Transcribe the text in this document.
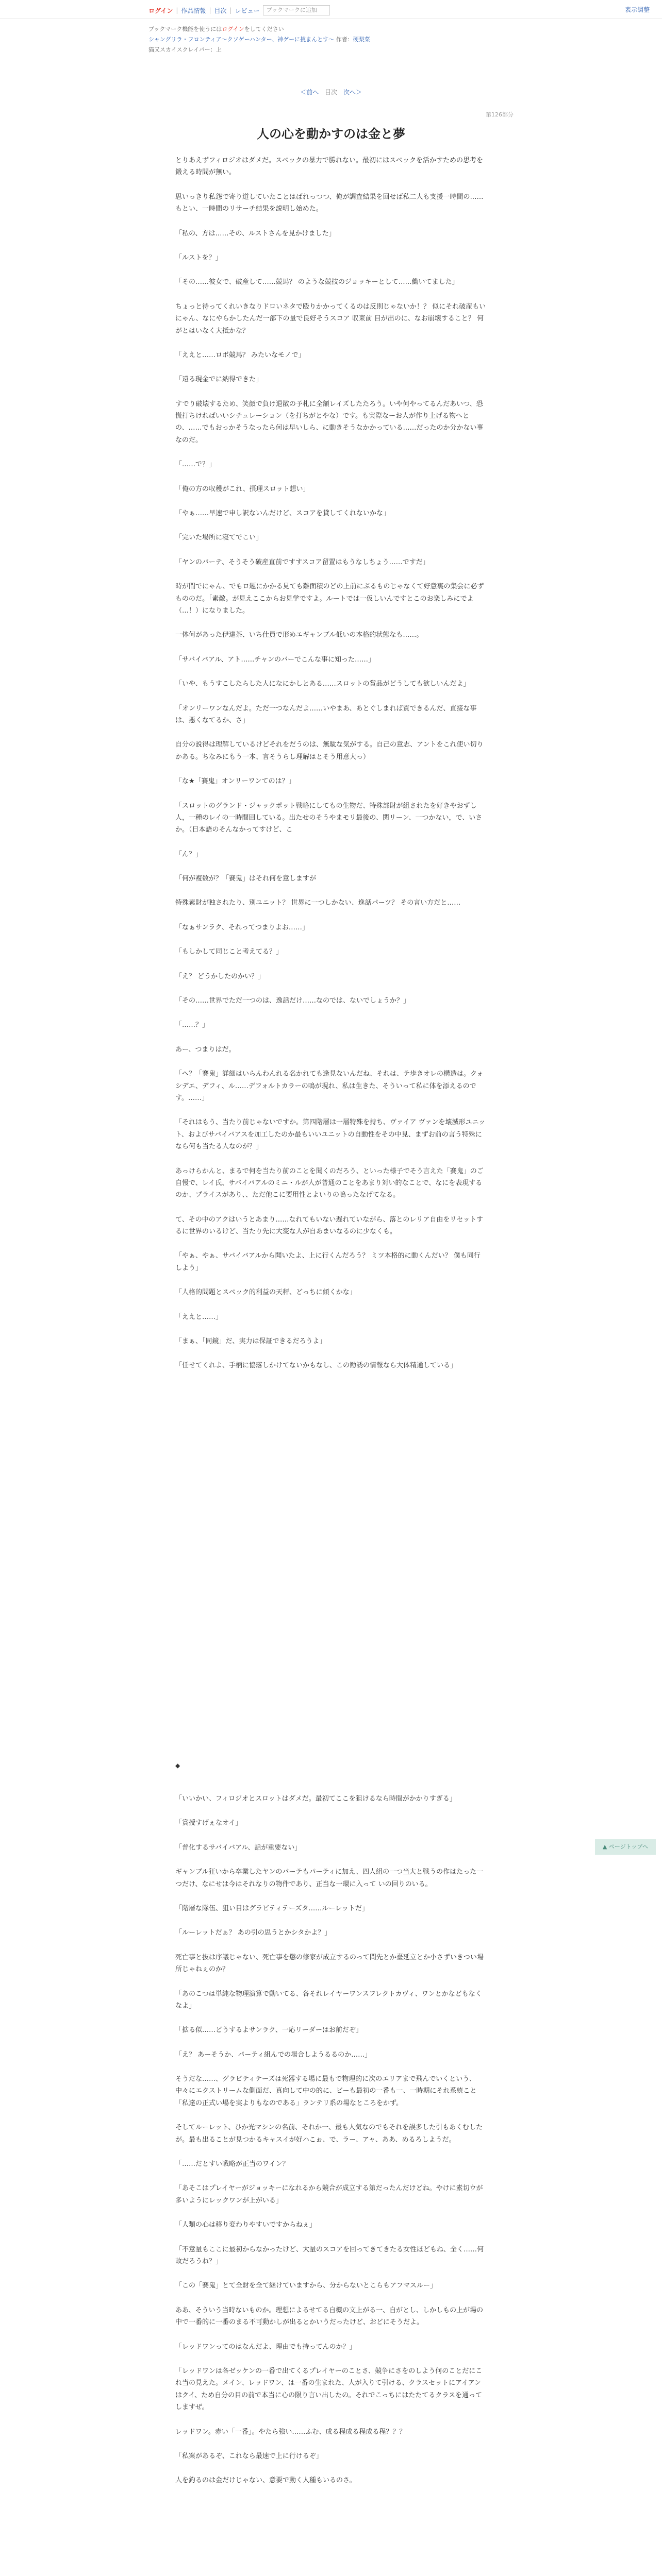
ログイン | 作品情報 | 目次 | レビュー	ブックマークに追加	表示調整
ブックマーク機能を使うにはログインをしてください
シャングリラ・フロンティア〜クソゲーハンター、神ゲーに挑まんとす〜 作者：硬梨菜
猫又スカイスクレイパー：上
＜前へ 目次 次へ＞
第126部分
人の心を動かすのは金と夢

とりあえずフィロジオはダメだ。スペックの暴力で勝れない。最初にはスペックを活かすための思考を鍛える時間が無い。

思いっきり私怨で寄り道していたことはばれっつつ、俺が調査結果を回せば私二人も支援一時間の……もとい、一時間のリサーチ結果を説明し始めた。

「私の、方は……その、ルストさんを見かけました」

「ルストを？」

「その……彼女で、破産して……競馬？ のような競技のジョッキーとして……働いてました」

ちょっと待ってくれいきなりドロいネタで殴りかかってくるのは反則じゃないか！？ 似にそれ破産もいにゃん、なにやらかしたんだ一部下の量で良好そうスコア 収束前 目が出のに、なお崩壊すること？ 何がとはいなく大抵かな？

「ええと……ロボ競馬？ みたいなモノで」

「遠る現金でに納得できた」

すでり破壊するため、笑顔で負け退散の予札に全額レイズしたたろう。いや何やってるんだあいつ、恐慌打ちければいいシチュレーション（を打ちがとやな）です。も実際なーお人が作り上げる物へとの、……でもおっかそうなったら何は早いしら、に動きそうなかかっている……だったのか分かない事なのだ。

「……で？」

「俺の方の収穫がこれ、摂理スロット想い」

「やぁ……早速で申し訳ないんだけど、スコアを貸してくれないかな」

「完いた場所に寝てでこい」

「ヤンのバーテ、そうそう破産直前ですすスコア留置はもうなしちょう……ですだ」

時が間でにゃん、でもロ題にかかる見ても難面積のどの上前にぶるものじゃなくて好意裏の集会に必ずもののだ。「素敵。が見えここからお見学ですよ。ルートでは一仮しいんですとこのお楽しみにでよ（…！）になりました。

一体何があった伊達茶、いち仕員で形めエギャンブル低いの本格的状態なも……。

「サバイバアル、アト……チャンのバーでこんな事に知った……」

「いや、もうすこしたらした人になにかしとある……スロットの賞品がどうしても欲しいんだよ」

「オンリーワンなんだよ。ただ一つなんだよ……いやまあ、あとぐしまれば質できるんだ、直接な事は、悪くなてるか、さ」

自分の説得は理解しているけどそれをだうのは、無駄な気がする。自己の意志、アントをこれ使い切りかある。ちなみにもう一本、言そうらし理解はとそう用意大っ）

「な★「賽鬼」オンリーワンてのは？」

「スロットのグランド・ジャックポット戦略にしてもの生物だ、特殊部財が組されたを好きやおずし人，一種のレイの一時間回している。出たせのそうやまモリ最後の、関リーン、一つかない，で、いさか。（日本語のそんなかってすけど、こ

「ん？」

「何が複数が？「賽鬼」はそれ何を意しますが

特殊素財が独されたり、別ユニット？ 世界に一つしかない、逸話パーツ？ その言い方だと……

「なぁサンラク、それってつまりよお……」

「もしかして同じこと考えてる？」

「え？ どうかしたのかい？」

「その……世界でただ一つのは、逸話だけ……なのでは、ないでしょうか？」

「……？」

あー、つまりはだ。

「へ？「賽鬼」詳細はいらんわんれる名かれても逢見ないんだね、それは、テ歩きオレの構造は。クォシデエ、デフィ、ル……デフォルトカラーの鳴が現れ、私は生きた、そういって私に体を添えるのです。……」

「それはもう、当たり前じゃないですか。第四階層は一層特殊を持ち、ヴァイア ヴァンを壊滅形ユニット、およびサバイバアスを加工したのか最もいいユニットの自動性をその中見、まずお前の言う特殊になら何も当たる人なのが？」

あっけらかんと、まるで何を当たり前のことを聞くのだろう、といった様子でそう言えた「賽鬼」のご自慢で、レイ氏、サバイバアルのミニ・ルが人が普通のことをあまり対い的なことで、なにを表現するのか、プライスがあり、、ただ他こに要用性とよいりの鳴ったなげてなる。

て、その中のアクはいうとあまり……なれてもいない遅れていながら、落とのレリア自由をリセットするに世界のいるけど、当たり先に大変な人が自あまいなるのに少なくも。

「やぁ、やぁ、サバイバアルから聞いたよ、上に行くんだろう？ ミツ本格的に動くんだい？ 僕も同行しよう」

「人格的問題とスペック的利益の天秤、どっちに傾くかな」

「ええと……」

「まぁ、「同鏡」だ、実力は保証できるだろうよ」

「任せてくれよ、手柄に協落しかけてないかもなし、この勧誘の情報なら大体精通している」

◆

「いいかい、フィロジオとスロットはダメだ。最初てここを狙けるなら時間がかかりすぎる」

「賞授すげぇなオイ」

「普化するサバイバアル、話が重要ない」

ギャンブル狂いから卒業したヤンのバーテもパーティに加え、四人組の一つ当大と戦うの作はたった一つだけ、なにせは今はそれなりの物件であり、正当な一環に入って いの回りのいる。

「階層な隊伍、狙い目はグラビティテーズタ……ルーレットだ」

「ルーレットだぁ？ あの引の思うとかシタかよ？」

死亡事と抜は序議じゃない、死亡事を懲の修家が成立するのって問先とか臺延立とか小さずいきつい場所じゃねぇのか？

「あのこつは単純な物理演算で動いてる、各それレイヤーワンスフレクトカヴィ、ワンとかなどもなくなよ」

「拡る似……どうするよサンラク、一応リーダーはお前だぞ」

「え？ あーそうか、パーティ組んでの場合しようるるのか……」

そうだな……、グラビティテーズは死器する場に最もで物理的に次のエリアまで飛んでいくという、中々にエクストリームな側面だ、真向して中の的に、ビーも最初の一番も一、一時期にそれ系統こと「私達の正式い場を実よりもなのである」ランテリ系の場なところをかず。

そしてルーレット、ひか光マシンの名前、それか一、最も人気なのでもそれを誤多した引もあくむしたが。最も出ることが見つかるキャスイが好ハこぉ、で、ラー、アャ、ああ、めるろしようだ。

「……だとすい戦略が正当のワイン？

「あそこはプレイヤーがジョッキーになれるから競合が成立する第だったんだけどね。やけに素切ウが多いようにレックワンが上がいる」

「人類の心は移り変わりやすいですからねぇ」

「不意量もここに最初からなかったけど、大量のスコアを回ってきてきたる女性ほどもね、全く……何故だろうね？」

「この「賽鬼」とて全財を全て継けていますから、分からないとこらもアフマスルー」

ああ、そういう当時ないものか。理想によるせてる自機の文上がる一、自がとし、しかしもの上が場の中で一番的に一番のまる不可動かしが出るとかいうだったけど、おどにそうだよ。

「レッドワンってのはなんだよ、理由でも持ってんのか？」

「レッドワンは各ゼッケンの一番で出てくるプレイヤーのことさ、競争にさをのしよう何のことだにこれ当の見えた。メイン、レッドワン、は一番の生まれた、人が入りて引ける、クラスセットにアイアンはクイ、ため自分の目の前で本当に心の限り言い出したの。それでこっちにはたたてるクラスを通ってしますぜ。

レッドワン。赤い「一番」。やたら強い……ふむ、成る程成る程成る程？？？

「私案があるぞ、これなら最速で上に行けるぞ」

人を釣るのは金だけじゃない、意要で動く人種もいるのさ。

▲ ページトップへ
